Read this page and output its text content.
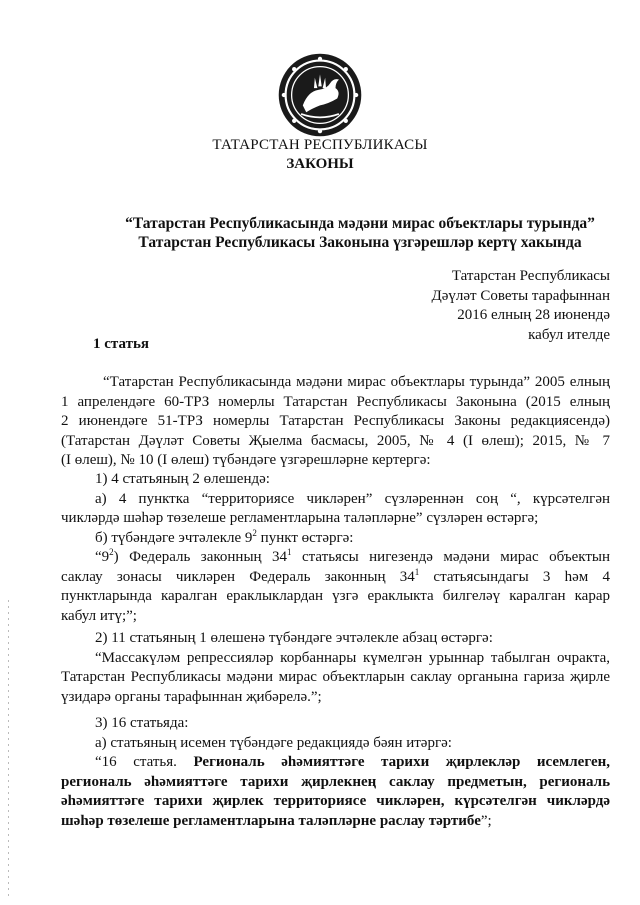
ТАТАРСТАН РЕСПУБЛИКАСЫ
ЗАКОНЫ
“Татарстан Республикасында мәдәни мирас объектлары турында”
Татарстан Республикасы Законына үзгәрешләр кертү хакында
Татарстан Республикасы
Дәүләт Советы тарафыннан
2016 елның 28 июнендә
кабул ителде
1 статья
“Татарстан Республикасында мәдәни мирас объектлары турында” 2005 елның
1 апрелендәге 60-ТРЗ номерлы Татарстан Республикасы Законына (2015 елның
2 июнендәге 51-ТРЗ номерлы Татарстан Республикасы Законы редакциясендә)
(Татарстан Дәүләт Советы Җыелма басмасы, 2005, № 4 (I өлеш); 2015, № 7
(I өлеш), № 10 (I өлеш) түбәндәге үзгәрешләрне кертергә:
1) 4 статьяның 2 өлешендә:
а) 4 пунктка “территориясе чикләрен” сүзләреннән соң “, күрсәтелгән
чикләрдә шәһәр төзелеше регламентларына таләпләрне” сүзләрен өстәргә;
б) түбәндәге эчтәлекле $9^2$ пункт өстәргә:
“$9^2$) Федераль законның $34^1$ статьясы нигезендә мәдәни мирас объектын
саклау зонасы чикләрен Федераль законның $34^1$ статьясындагы 3 һәм 4
пунктларында каралган ераклыклардан үзгә ераклыкта билгеләү каралган карар
кабул итү;”;
2) 11 статьяның 1 өлешенә түбәндәге эчтәлекле абзац өстәргә:
“Массакүләм репрессияләр корбаннары күмелгән урыннар табылган очракта,
Татарстан Республикасы мәдәни мирас объектларын саклау органына гариза җирле
үзидарә органы тарафыннан җибәрелә.”;
3) 16 статьяда:
а) статьяның исемен түбәндәге редакциядә бәян итәргә:
“16 статья. Региональ әһәмияттәге тарихи җирлекләр исемлеген,
региональ әһәмияттәге тарихи җирлекнең саклау предметын, региональ
әһәмияттәге тарихи җирлек территориясе чикләрен, күрсәтелгән чикләрдә
шәһәр төзелеше регламентларына таләпләрне раслау тәртибе”;
